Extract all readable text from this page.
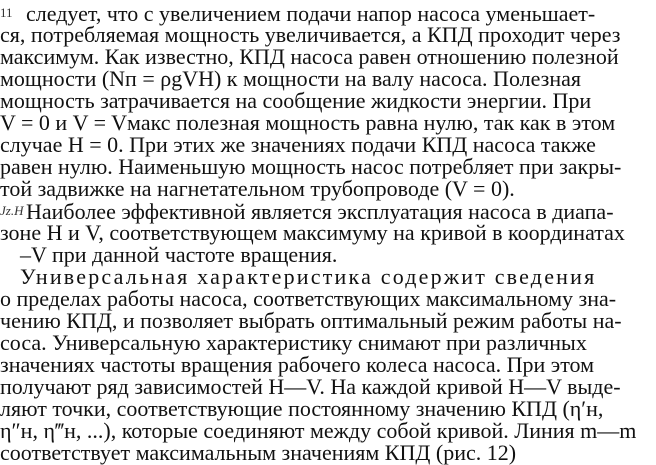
11 следует, что с увеличением подачи напор насоса уменьшает-
ся, потребляемая мощность увеличивается, а КПД проходит через
максимум. Как известно, КПД насоса равен отношению полезной
мощности (Nп = ρgVH) к мощности на валу насоса. Полезная
мощность затрачивается на сообщение жидкости энергии. При
V = 0 и V = Vмакс полезная мощность равна нулю, так как в этом
случае H = 0. При этих же значениях подачи КПД насоса также
равен нулю. Наименьшую мощность насос потребляет при закры-
той задвижке на нагнетательном трубопроводе (V = 0).
Jz.H Наиболее эффективной является эксплуатация насоса в диапа-
зоне H и V, соответствующем максимуму на кривой в координатах
–V при данной частоте вращения.
Универсальная характеристика содержит сведения
о пределах работы насоса, соответствующих максимальному зна-
чению КПД, и позволяет выбрать оптимальный режим работы на-
соса. Универсальную характеристику снимают при различных
значениях частоты вращения рабочего колеса насоса. При этом
получают ряд зависимостей H—V. На каждой кривой H—V выде-
ляют точки, соответствующие постоянному значению КПД (η′н,
η″н, η‴н, ...), которые соединяют между собой кривой. Линия m—m
соответствует максимальным значениям КПД (рис. 12)
